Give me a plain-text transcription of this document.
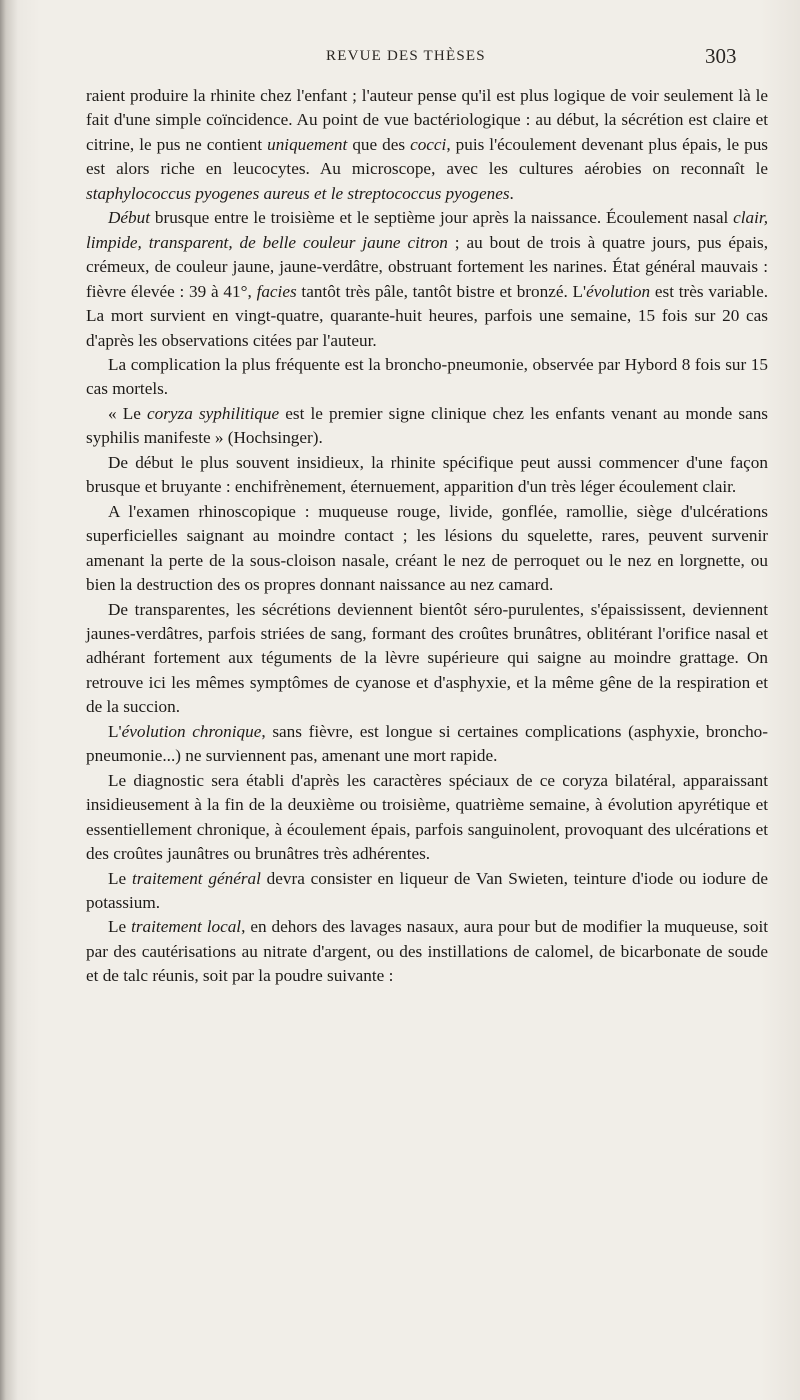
REVUE DES THÈSES	303

raient produire la rhinite chez l'enfant ; l'auteur pense qu'il est plus logique de voir seulement là le fait d'une simple coïncidence. Au point de vue bactériologique : au début, la sécrétion est claire et citrine, le pus ne contient uniquement que des cocci, puis l'écoulement devenant plus épais, le pus est alors riche en leucocytes. Au microscope, avec les cultures aérobies on reconnaît le staphylococcus pyogenes aureus et le streptococcus pyogenes.

Début brusque entre le troisième et le septième jour après la naissance. Écoulement nasal clair, limpide, transparent, de belle couleur jaune citron ; au bout de trois à quatre jours, pus épais, crémeux, de couleur jaune, jaune-verdâtre, obstruant fortement les narines. État général mauvais : fièvre élevée : 39 à 41°, facies tantôt très pâle, tantôt bistre et bronzé. L'évolution est très variable. La mort survient en vingt-quatre, quarante-huit heures, parfois une semaine, 15 fois sur 20 cas d'après les observations citées par l'auteur.

La complication la plus fréquente est la broncho-pneumonie, observée par Hybord 8 fois sur 15 cas mortels.

« Le coryza syphilitique est le premier signe clinique chez les enfants venant au monde sans syphilis manifeste » (Hochsinger).

De début le plus souvent insidieux, la rhinite spécifique peut aussi commencer d'une façon brusque et bruyante : enchifrènement, éternuement, apparition d'un très léger écoulement clair.

A l'examen rhinoscopique : muqueuse rouge, livide, gonflée, ramollie, siège d'ulcérations superficielles saignant au moindre contact ; les lésions du squelette, rares, peuvent survenir amenant la perte de la sous-cloison nasale, créant le nez de perroquet ou le nez en lorgnette, ou bien la destruction des os propres donnant naissance au nez camard.

De transparentes, les sécrétions deviennent bientôt séro-purulentes, s'épaississent, deviennent jaunes-verdâtres, parfois striées de sang, formant des croûtes brunâtres, oblitérant l'orifice nasal et adhérant fortement aux téguments de la lèvre supérieure qui saigne au moindre grattage. On retrouve ici les mêmes symptômes de cyanose et d'asphyxie, et la même gêne de la respiration et de la succion.

L'évolution chronique, sans fièvre, est longue si certaines complications (asphyxie, broncho-pneumonie...) ne surviennent pas, amenant une mort rapide.

Le diagnostic sera établi d'après les caractères spéciaux de ce coryza bilatéral, apparaissant insidieusement à la fin de la deuxième ou troisième, quatrième semaine, à évolution apyrétique et essentiellement chronique, à écoulement épais, parfois sanguinolent, provoquant des ulcérations et des croûtes jaunâtres ou brunâtres très adhérentes.

Le traitement général devra consister en liqueur de Van Swieten, teinture d'iode ou iodure de potassium.

Le traitement local, en dehors des lavages nasaux, aura pour but de modifier la muqueuse, soit par des cautérisations au nitrate d'argent, ou des instillations de calomel, de bicarbonate de soude et de talc réunis, soit par la poudre suivante :
